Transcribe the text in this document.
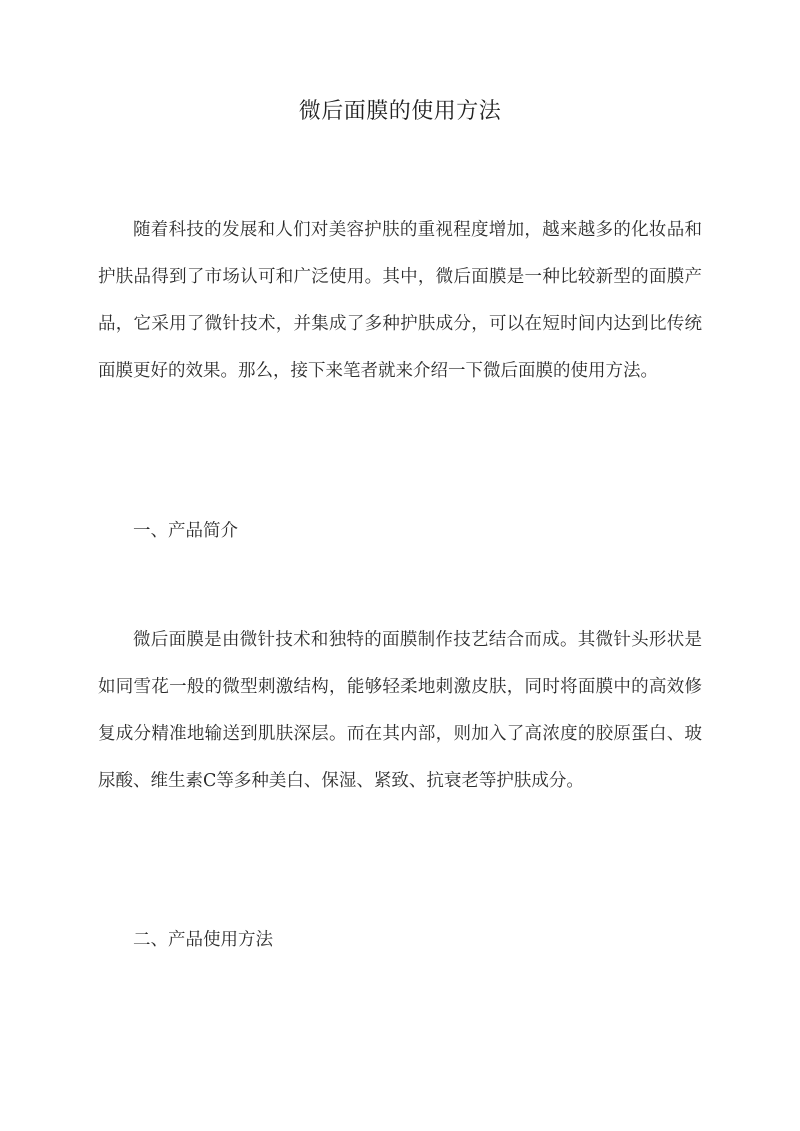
微后面膜的使用方法

随着科技的发展和人们对美容护肤的重视程度增加，越来越多的化妆品和护肤品得到了市场认可和广泛使用。其中，微后面膜是一种比较新型的面膜产品，它采用了微针技术，并集成了多种护肤成分，可以在短时间内达到比传统面膜更好的效果。那么，接下来笔者就来介绍一下微后面膜的使用方法。

一、产品简介

微后面膜是由微针技术和独特的面膜制作技艺结合而成。其微针头形状是如同雪花一般的微型刺激结构，能够轻柔地刺激皮肤，同时将面膜中的高效修复成分精准地输送到肌肤深层。而在其内部，则加入了高浓度的胶原蛋白、玻尿酸、维生素C等多种美白、保湿、紧致、抗衰老等护肤成分。

二、产品使用方法
